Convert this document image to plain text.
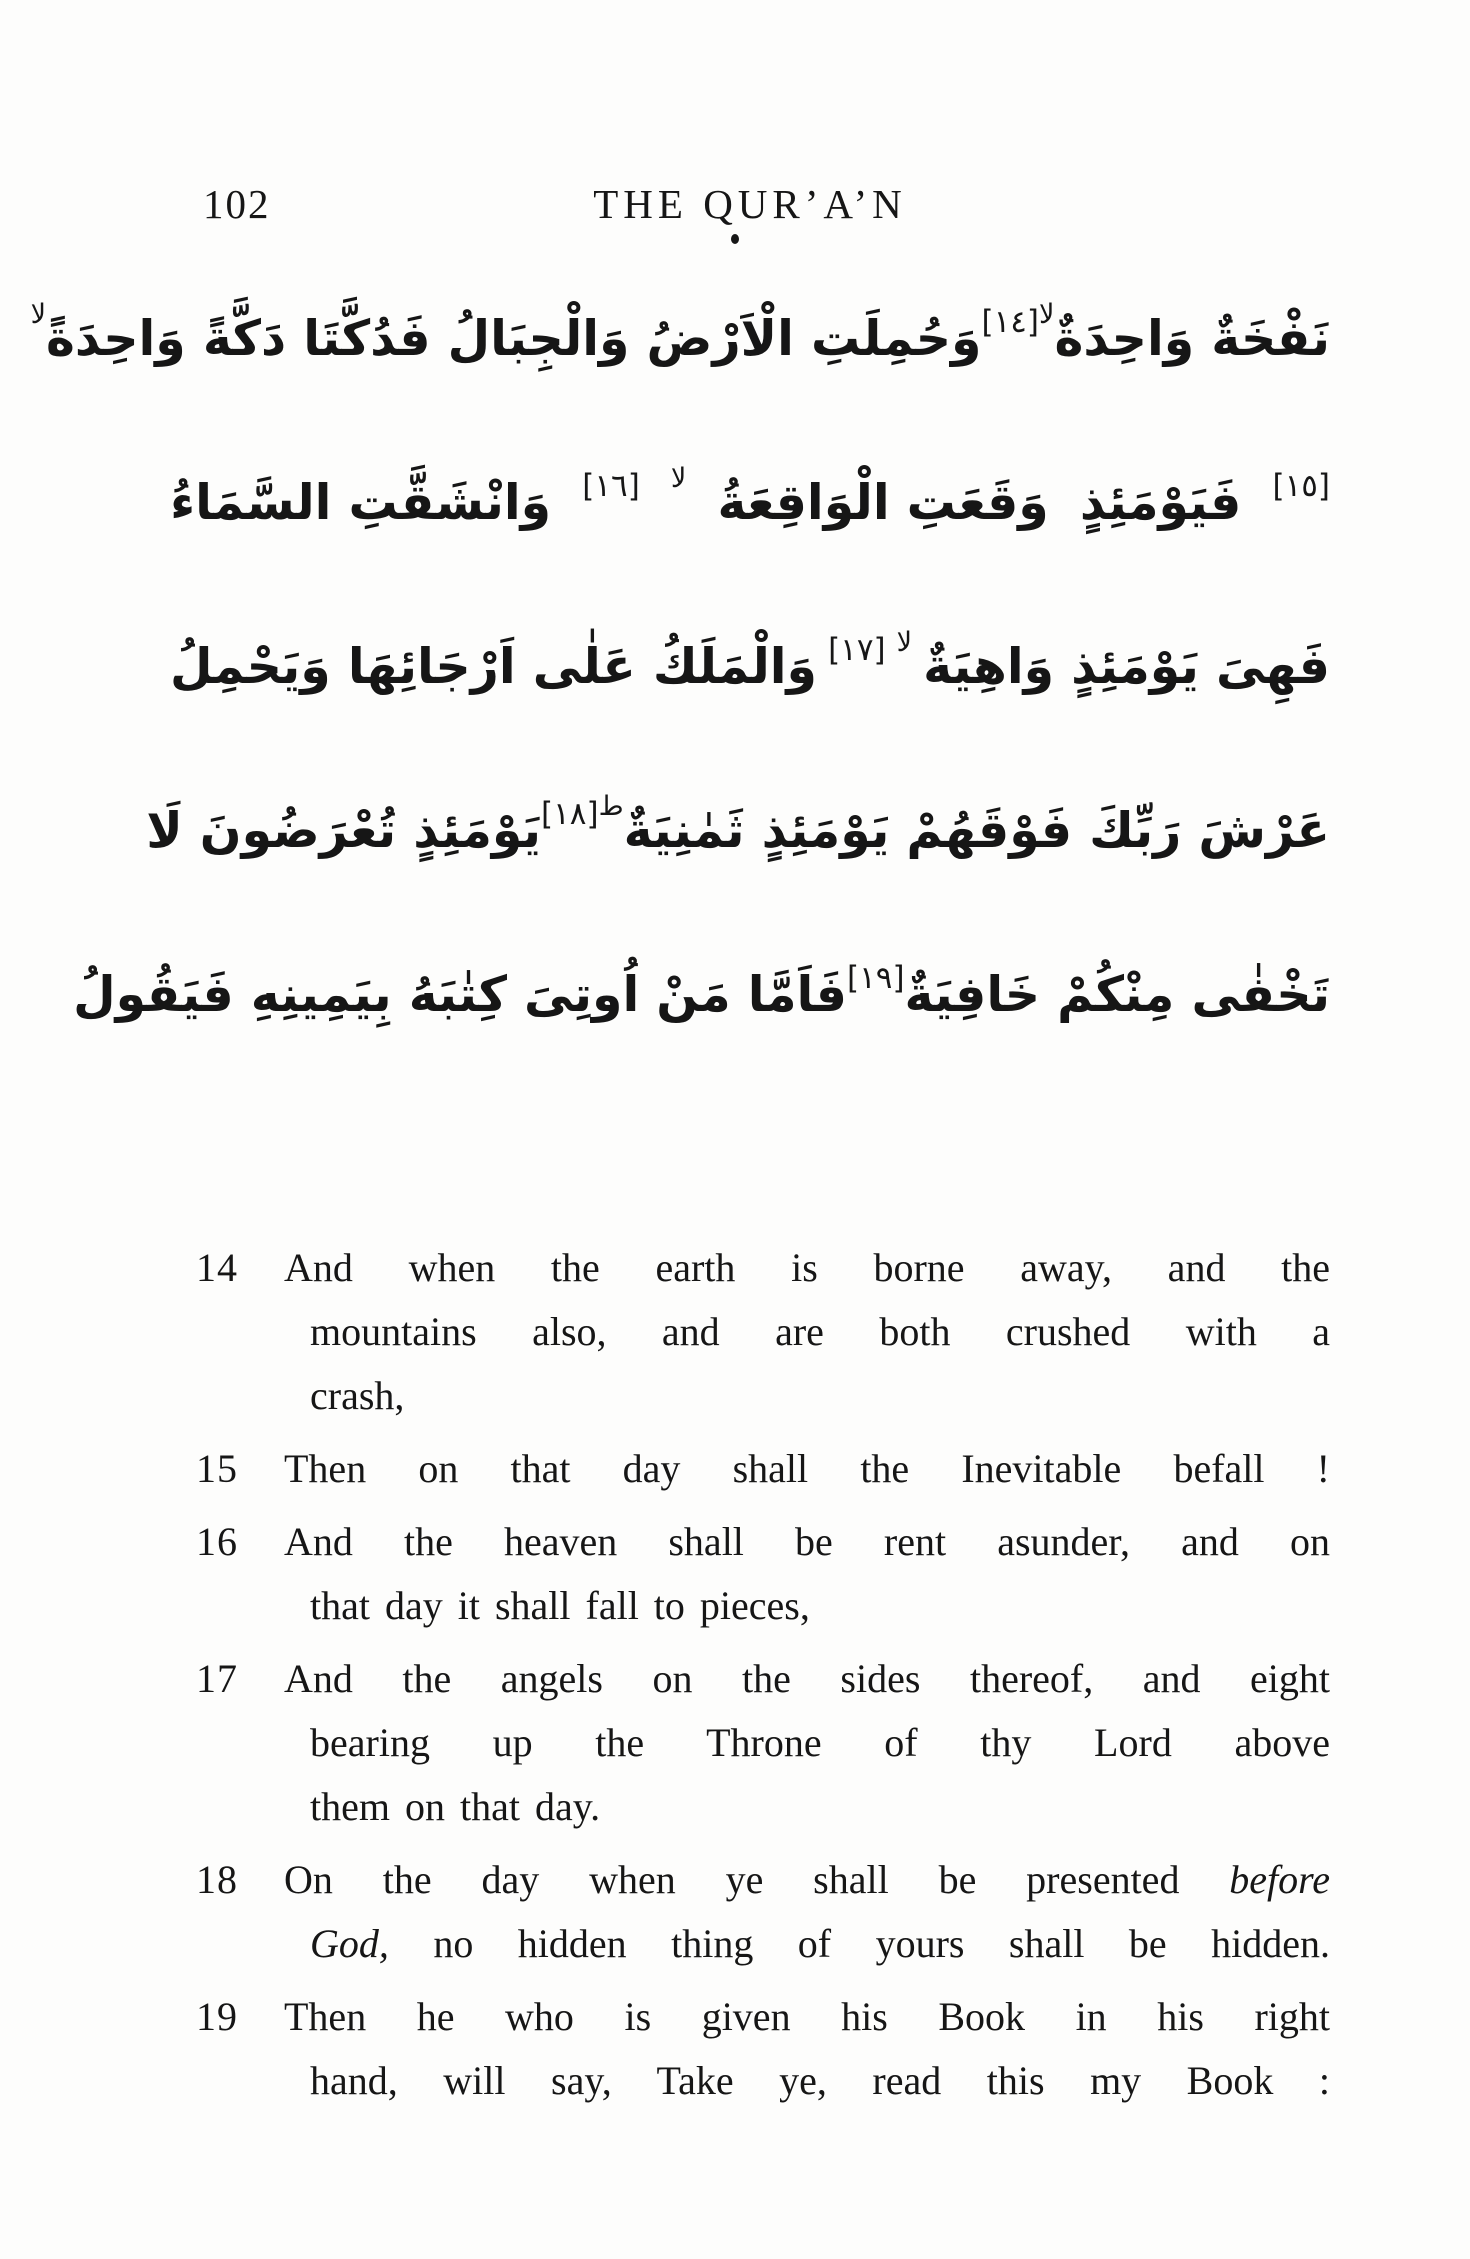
102	THE QUR’A’N
نَفْخَةٌ وَاحِدَةٌ
لا
[١٤]
وَحُمِلَتِ الْاَرْضُ وَالْجِبَالُ فَدُكَّتَا دَكَّةً وَاحِدَةً
لا
[١٥]
فَيَوْمَئِذٍ
وَقَعَتِ الْوَاقِعَةُ
لا
[١٦]
وَانْشَقَّتِ السَّمَاءُ
فَهِىَ يَوْمَئِذٍ وَاهِيَةٌ
لا
[١٧]
وَالْمَلَكُ عَلٰى اَرْجَائِهَا وَيَحْمِلُ
عَرْشَ رَبِّكَ فَوْقَهُمْ يَوْمَئِذٍ ثَمٰنِيَةٌ
ط
[١٨]
يَوْمَئِذٍ تُعْرَضُونَ لَا
تَخْفٰى مِنْكُمْ خَافِيَةٌ
[١٩]
فَاَمَّا مَنْ اُوتِىَ كِتٰبَهُ بِيَمِينِهِ فَيَقُولُ
14 And when the earth is borne away, and the
mountains also, and are both crushed with a
crash,
15 Then on that day shall the Inevitable befall !
16 And the heaven shall be rent asunder, and on
that day it shall fall to pieces,
17 And the angels on the sides thereof, and eight
bearing up the Throne of thy Lord above
them on that day.
18 On the day when ye shall be presented before
God, no hidden thing of yours shall be hidden.
19 Then he who is given his Book in his right
hand, will say, Take ye, read this my Book :
